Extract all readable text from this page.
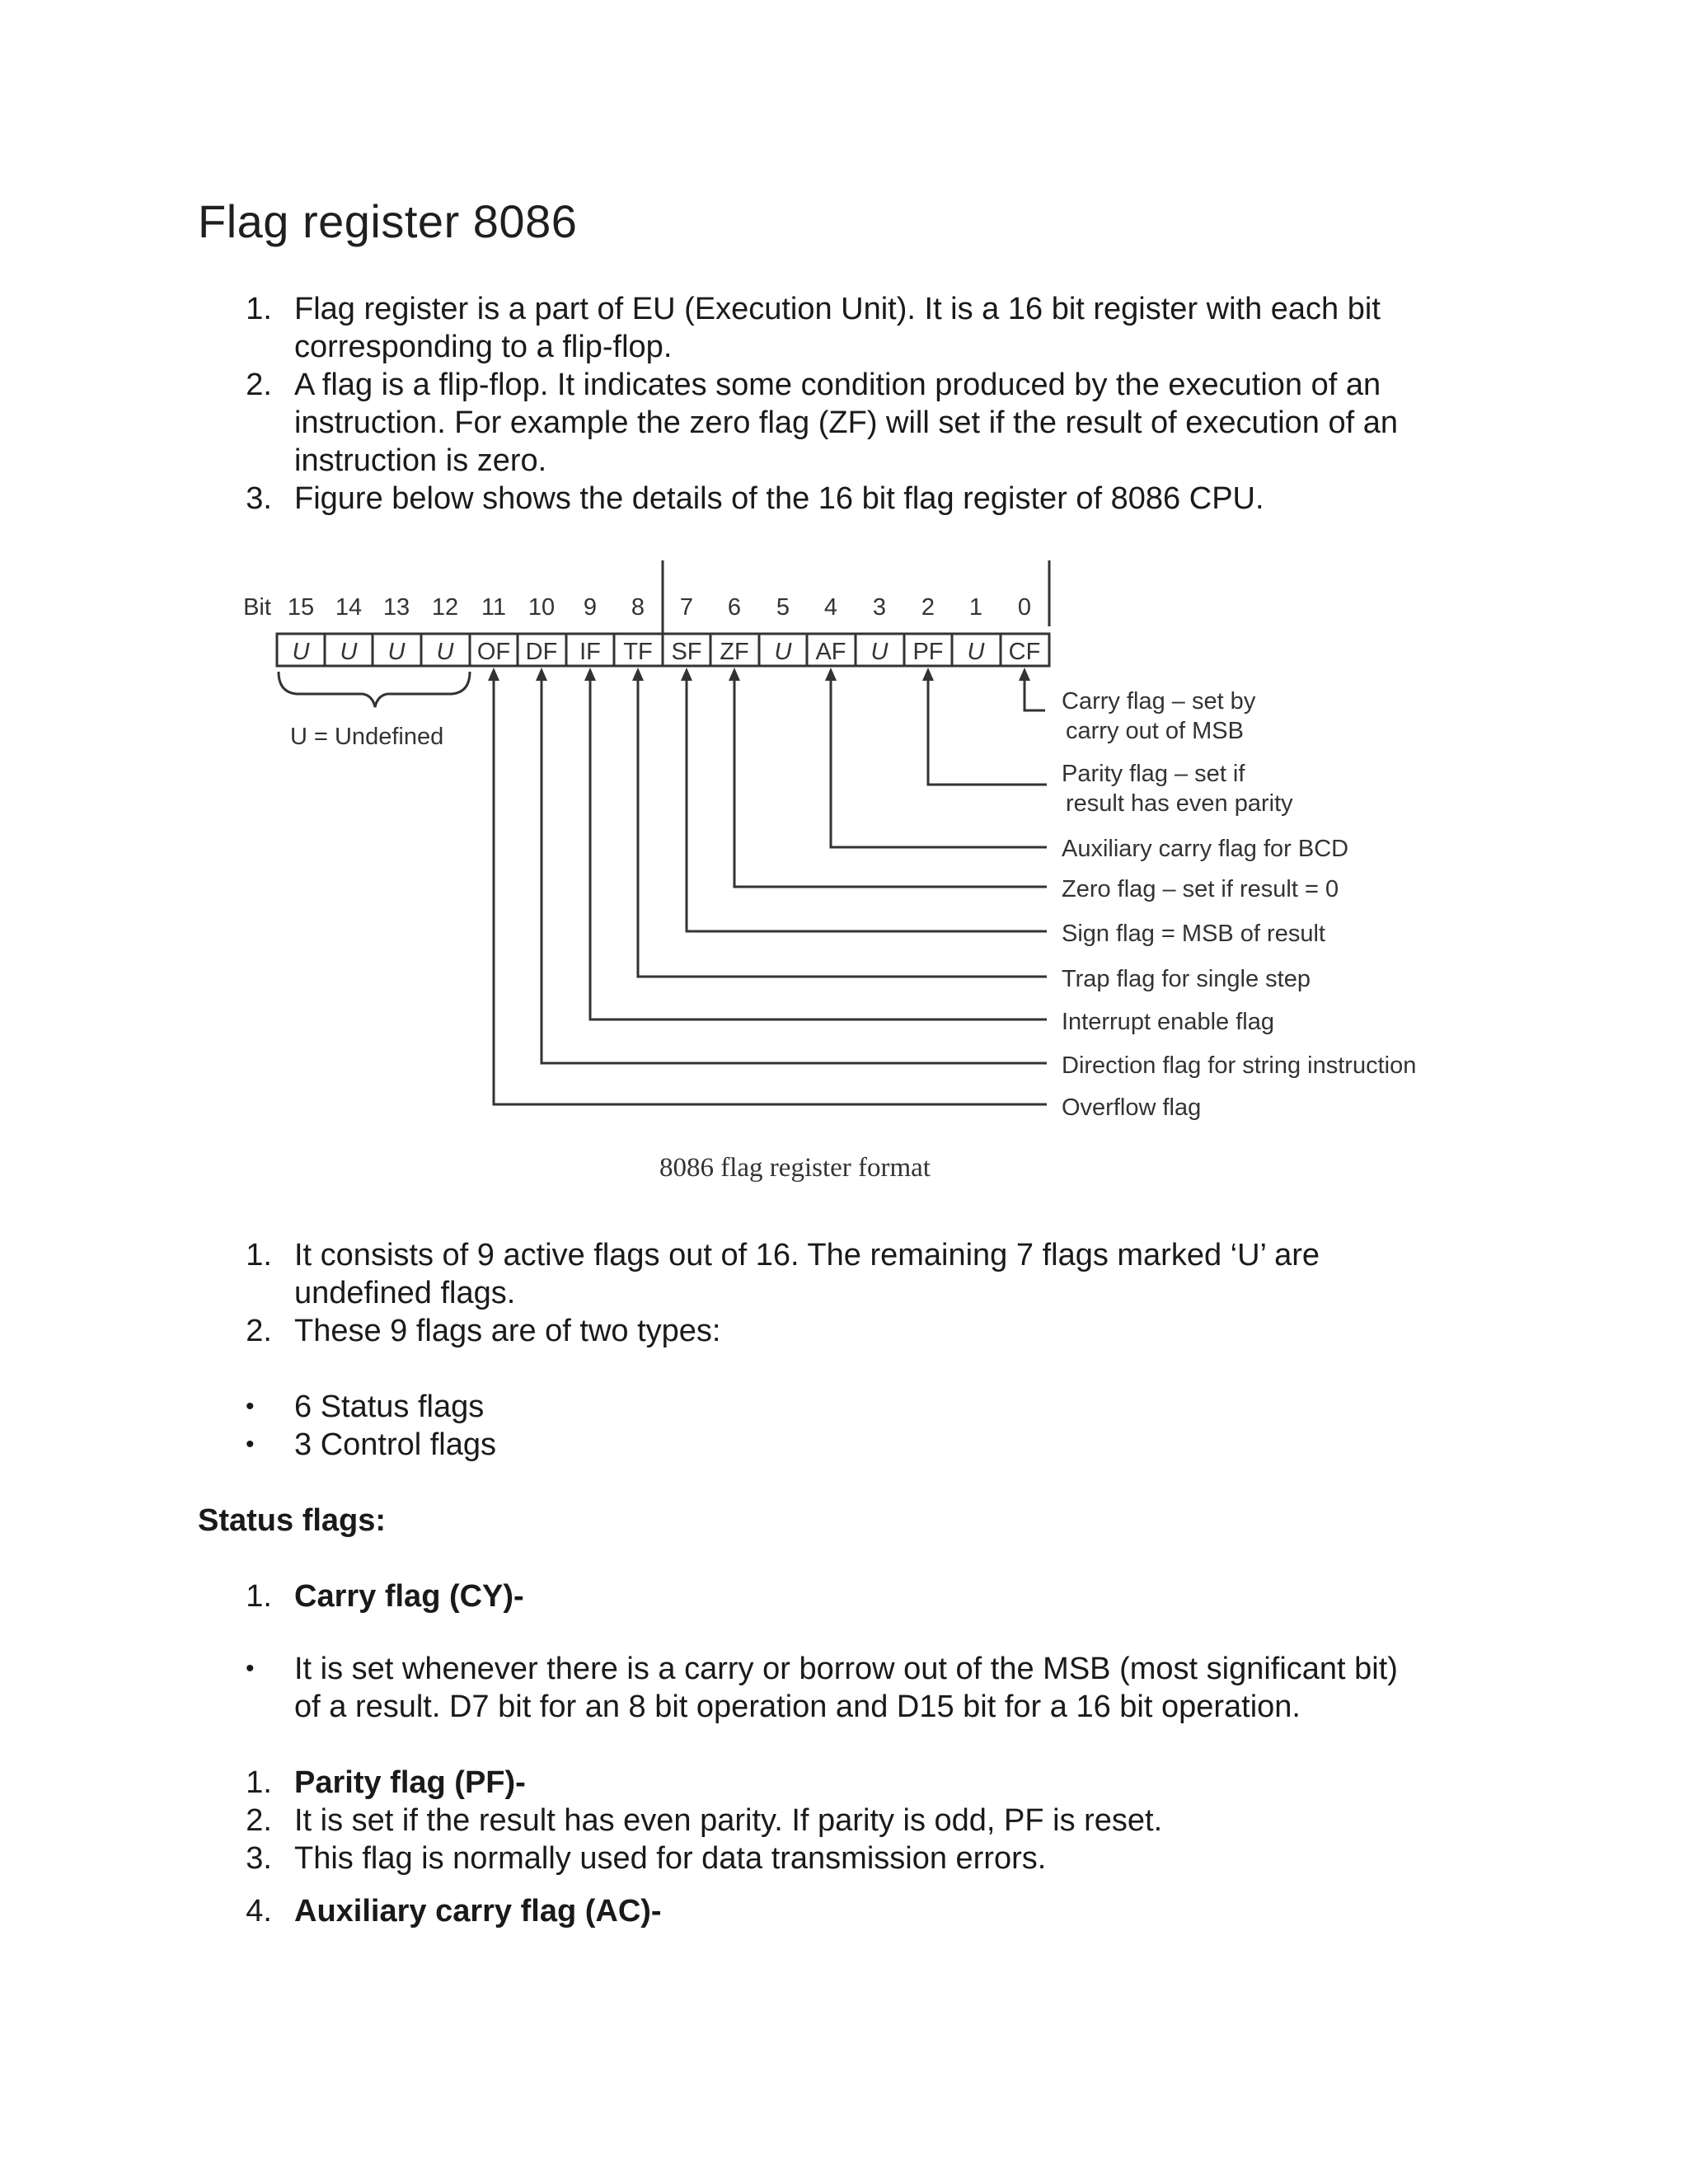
Flag register 8086
1. Flag register is a part of EU (Execution Unit). It is a 16 bit register with each bit
corresponding to a flip-flop.
2. A flag is a flip-flop. It indicates some condition produced by the execution of an
instruction. For example the zero flag (ZF) will set if the result of execution of an
instruction is zero.
3. Figure below shows the details of the 16 bit flag register of 8086 CPU.
Bit 15 14 13 12 11 10 9 8 7 6 5 4 3 2 1 0
U U U U OF DF IF TF SF ZF U AF U PF U CF
U = Undefined
Carry flag – set by
carry out of MSB
Parity flag – set if
result has even parity
Auxiliary carry flag for BCD
Zero flag – set if result = 0
Sign flag = MSB of result
Trap flag for single step
Interrupt enable flag
Direction flag for string instruction
Overflow flag
8086 flag register format
1. It consists of 9 active flags out of 16. The remaining 7 flags marked ‘U’ are
undefined flags.
2. These 9 flags are of two types:
• 6 Status flags
• 3 Control flags
Status flags:
1. Carry flag (CY)-
• It is set whenever there is a carry or borrow out of the MSB (most significant bit)
of a result. D7 bit for an 8 bit operation and D15 bit for a 16 bit operation.
1. Parity flag (PF)-
2. It is set if the result has even parity. If parity is odd, PF is reset.
3. This flag is normally used for data transmission errors.
4. Auxiliary carry flag (AC)-
